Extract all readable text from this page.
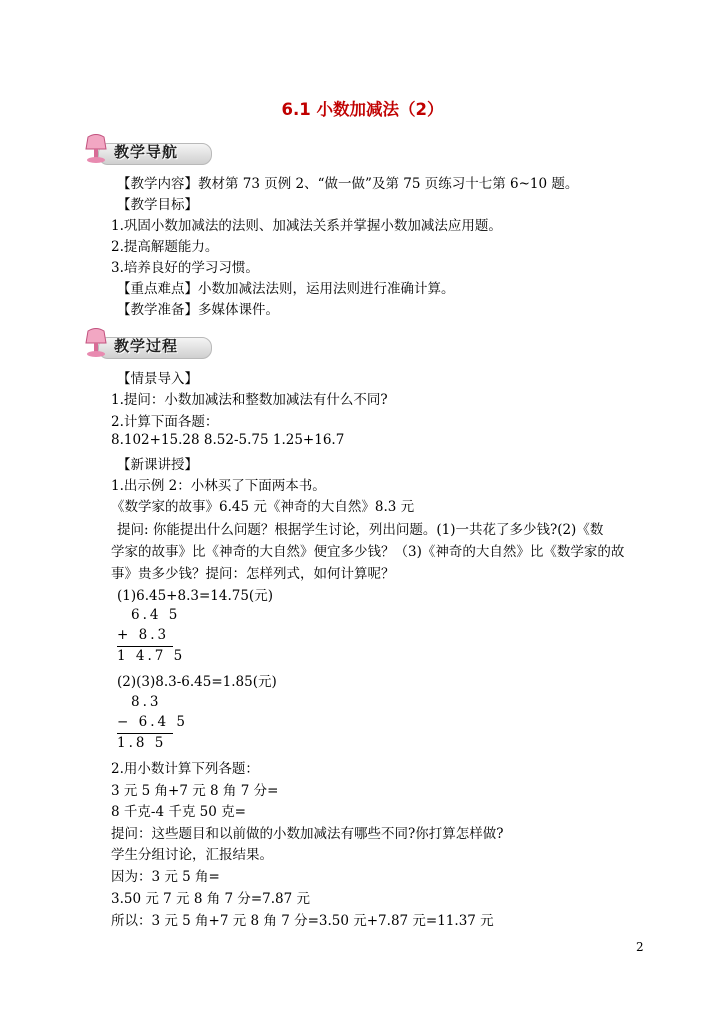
6.1 小数加减法（2）
教学导航
【教学内容】教材第 73 页例 2、“做一做”及第 75 页练习十七第 6~10 题。
【教学目标】
1.巩固小数加减法的法则、加减法关系并掌握小数加减法应用题。
2.提高解题能力。
3.培养良好的学习习惯。
【重点难点】小数加减法法则，运用法则进行准确计算。
【教学准备】多媒体课件。
教学过程
【情景导入】
1.提问：小数加减法和整数加减法有什么不同?
2.计算下面各题：
8.102+15.28 8.52-5.75 1.25+16.7
【新课讲授】
1.出示例 2：小林买了下面两本书。
《数学家的故事》6.45 元《神奇的大自然》8.3 元
提问: 你能提出什么问题？根据学生讨论，列出问题。(1)一共花了多少钱?(2)《数
学家的故事》比《神奇的大自然》便宜多少钱？（3)《神奇的大自然》比《数学家的故
事》贵多少钱？提问：怎样列式，如何计算呢？
(1)6.45+8.3=14.75(元)
6.4 5
+ 8.3
1 4.7 5
(2)(3)8.3-6.45=1.85(元)
8.3
− 6.4 5
1.8 5
2.用小数计算下列各题：
3 元 5 角+7 元 8 角 7 分=
8 千克-4 千克 50 克=
提问：这些题目和以前做的小数加减法有哪些不同?你打算怎样做?
学生分组讨论，汇报结果。
因为：3 元 5 角=
3.50 元 7 元 8 角 7 分=7.87 元
所以：3 元 5 角+7 元 8 角 7 分=3.50 元+7.87 元=11.37 元
2
